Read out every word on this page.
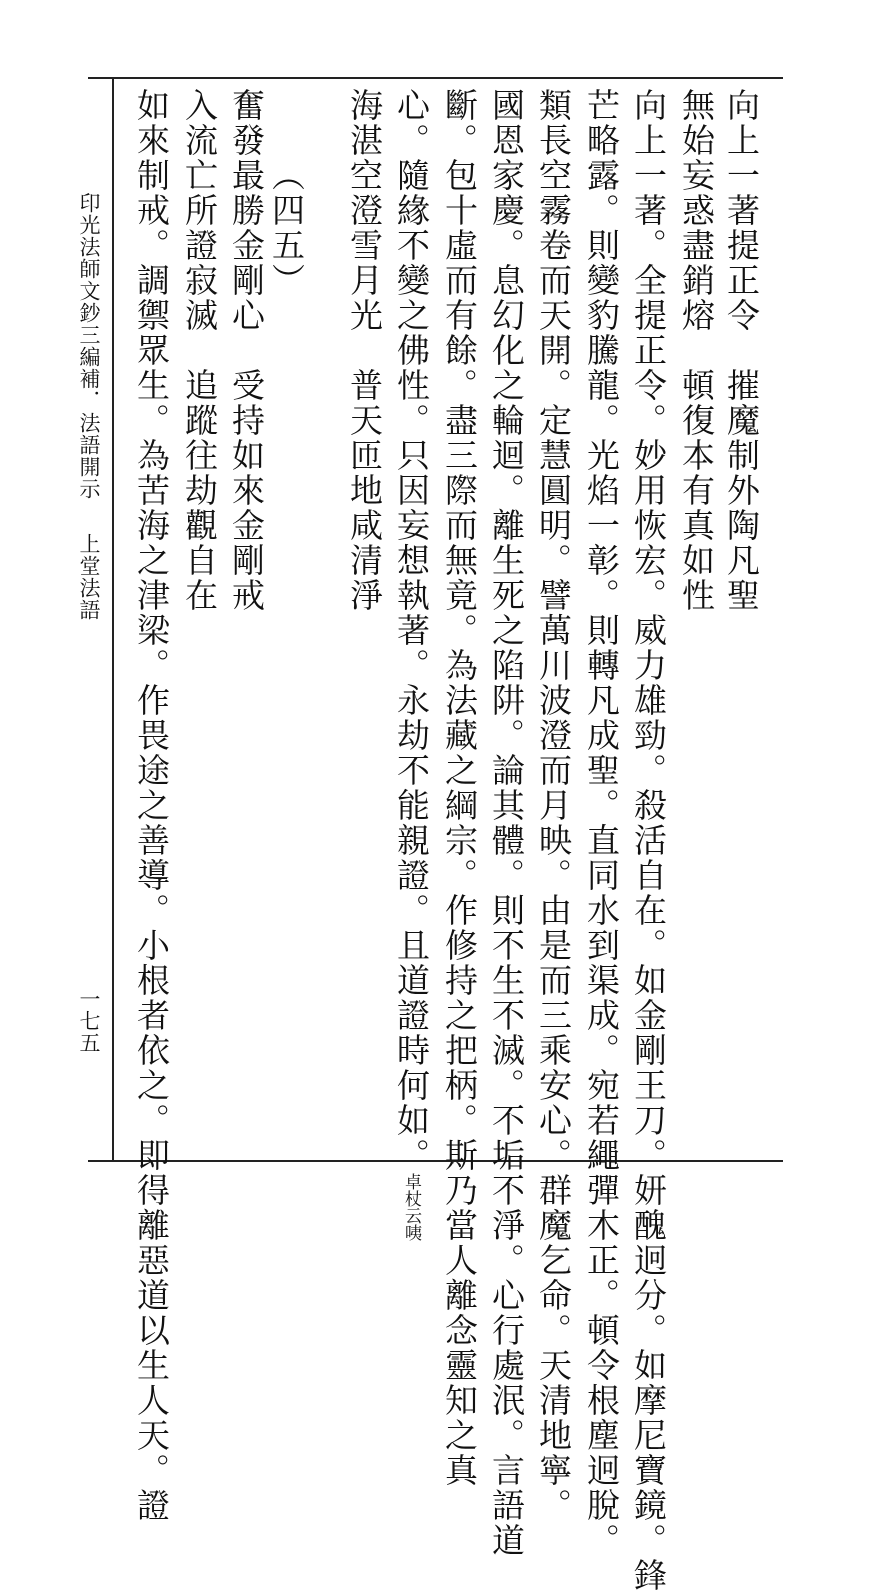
向上一著提正令　摧魔制外陶凡聖
無始妄惑盡銷熔　頓復本有真如性
向上一著。全提正令。妙用恢宏。威力雄勁。殺活自在。如金剛王刀。妍醜迥分。如摩尼寶鏡。鋒
芒略露。則變豹騰龍。光焰一彰。則轉凡成聖。直同水到渠成。宛若繩彈木正。頓令根塵迥脫。
類長空霧卷而天開。定慧圓明。譬萬川波澄而月映。由是而三乘安心。群魔乞命。天清地寧。
國恩家慶。息幻化之輪迴。離生死之陷阱。論其體。則不生不滅。不垢不淨。心行處泯。言語道
斷。包十虛而有餘。盡三際而無竟。為法藏之綱宗。作修持之把柄。斯乃當人離念靈知之真
心。隨緣不變之佛性。只因妄想執著。永劫不能親證。且道證時何如。卓杖云咦
海湛空澄雪月光　普天匝地咸清淨
（四五）
奮發最勝金剛心　受持如來金剛戒
入流亡所證寂滅　追蹤往劫觀自在
如來制戒。調禦眾生。為苦海之津梁。作畏途之善導。小根者依之。即得離惡道以生人天。證
印光法師文鈔三編補．法語開示
上堂法語
一七五
